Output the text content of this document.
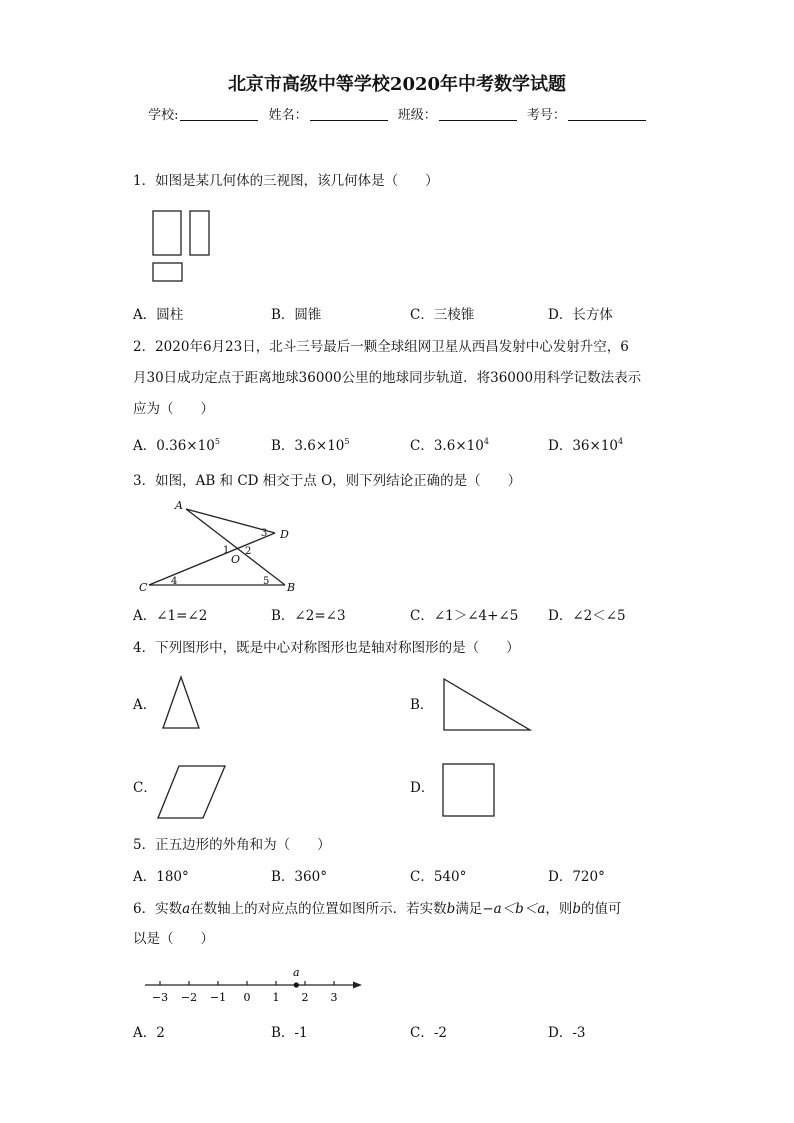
北京市高级中等学校2020年中考数学试题
学校:	姓名：	班级：	考号：
1．如图是某几何体的三视图，该几何体是（　　）
A．圆柱	B．圆锥	C．三棱锥	D．长方体
2．2020年6月23日，北斗三号最后一颗全球组网卫星从西昌发射中心发射升空，6
月30日成功定点于距离地球36000公里的地球同步轨道．将36000用科学记数法表示
应为（　　）
A．$0.36\times 10^5$	B．$3.6\times 10^5$	C．$3.6\times 10^4$	D．$36\times 10^4$
3．如图，AB 和 CD 相交于点 O，则下列结论正确的是（　　）
A
D
O
C	B
1 2
3
4	5
A．∠1=∠2	B．∠2=∠3	C．∠1＞∠4+∠5 D．∠2＜∠5
4．下列图形中，既是中心对称图形也是轴对称图形的是（　　）
A．	B．
C．	D．
5．正五边形的外角和为（　　）
A．180°	B．360°	C．540°	D．720°
6．实数a在数轴上的对应点的位置如图所示．若实数b满足−a＜b＜a，则b的值可
以是（　　）
−3 −2 −1 0 1 2 3
a
A．2	B．-1	C．-2	D．-3
